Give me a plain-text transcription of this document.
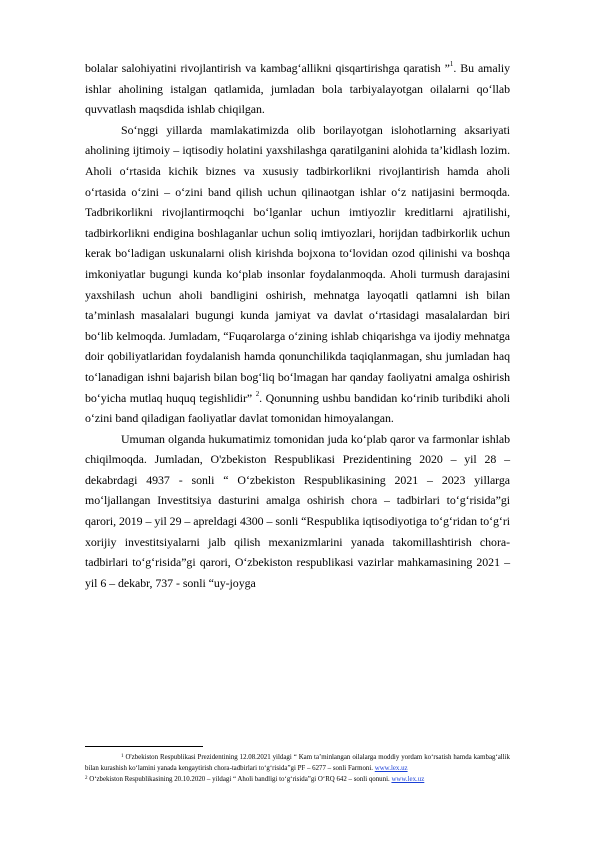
bolalar salohiyatini rivojlantirish va kambag‘allikni qisqartirishga qaratish ”$^1$. Bu amaliy ishlar aholining istalgan qatlamida, jumladan bola tarbiyalayotgan oilalarni qo‘llab quvvatlash maqsdida ishlab chiqilgan.

So‘nggi yillarda mamlakatimizda olib borilayotgan islohotlarning aksariyati aholining ijtimoiy – iqtisodiy holatini yaxshilashga qaratilganini alohida ta’kidlash lozim. Aholi o‘rtasida kichik biznes va xususiy tadbirkorlikni rivojlantirish hamda aholi o‘rtasida o‘zini – o‘zini band qilish uchun qilinaotgan ishlar o‘z natijasini bermoqda. Tadbrikorlikni rivojlantirmoqchi bo‘lganlar uchun imtiyozlir kreditlarni ajratilishi, tadbirkorlikni endigina boshlaganlar uchun soliq imtiyozlari, horijdan tadbirkorlik uchun kerak bo‘ladigan uskunalarni olish kirishda bojxona to‘lovidan ozod qilinishi va boshqa imkoniyatlar bugungi kunda ko‘plab insonlar foydalanmoqda. Aholi turmush darajasini yaxshilash uchun aholi bandligini oshirish, mehnatga layoqatli qatlamni ish bilan ta’minlash masalalari bugungi kunda jamiyat va davlat o‘rtasidagi masalalardan biri bo‘lib kelmoqda. Jumladam, “Fuqarolarga o‘zining ishlab chiqarishga va ijodiy mehnatga doir qobiliyatlaridan foydalanish hamda qonunchilikda taqiqlanmagan, shu jumladan haq to‘lanadigan ishni bajarish bilan bog‘liq bo‘lmagan har qanday faoliyatni amalga oshirish bo‘yicha mutlaq huquq tegishlidir” $^2$. Qonunning ushbu bandidan ko‘rinib turibdiki aholi o‘zini band qiladigan faoliyatlar davlat tomonidan himoyalangan.

Umuman olganda hukumatimiz tomonidan juda ko‘plab qaror va farmonlar ishlab chiqilmoqda. Jumladan, O'zbekiston Respublikasi Prezidentining 2020 – yil 28 – dekabrdagi 4937 - sonli “ O‘zbekiston Respublikasining 2021 – 2023 yillarga mo‘ljallangan Investitsiya dasturini amalga oshirish chora – tadbirlari to‘g‘risida”gi qarori, 2019 – yil 29 – apreldagi 4300 – sonli “Respublika iqtisodiyotiga to‘g‘ridan to‘g‘ri xorijiy investitsiyalarni jalb qilish mexanizmlarini yanada takomillashtirish chora-tadbirlari to‘g‘risida”gi qarori, O‘zbekiston respublikasi vazirlar mahkamasining 2021 – yil 6 – dekabr, 737 - sonli “uy-joyga

$^1$ O'zbekiston Respublikasi Prezidentining 12.08.2021 yildagi “ Kam ta’minlangan oilalarga moddiy yordam ko‘rsatish hamda kambag‘allik bilan kurashish ko‘lamini yanada kengaytirish chora-tadbirlari to‘g‘risida”gi PF – 6277 – sonli Farmoni. www.lex.uz

$^2$ O‘zbekiston Respublikasining 20.10.2020 – yildagi “ Aholi bandligi to‘g‘risida”gi O‘RQ 642 – sonli qonuni. www.lex.uz
